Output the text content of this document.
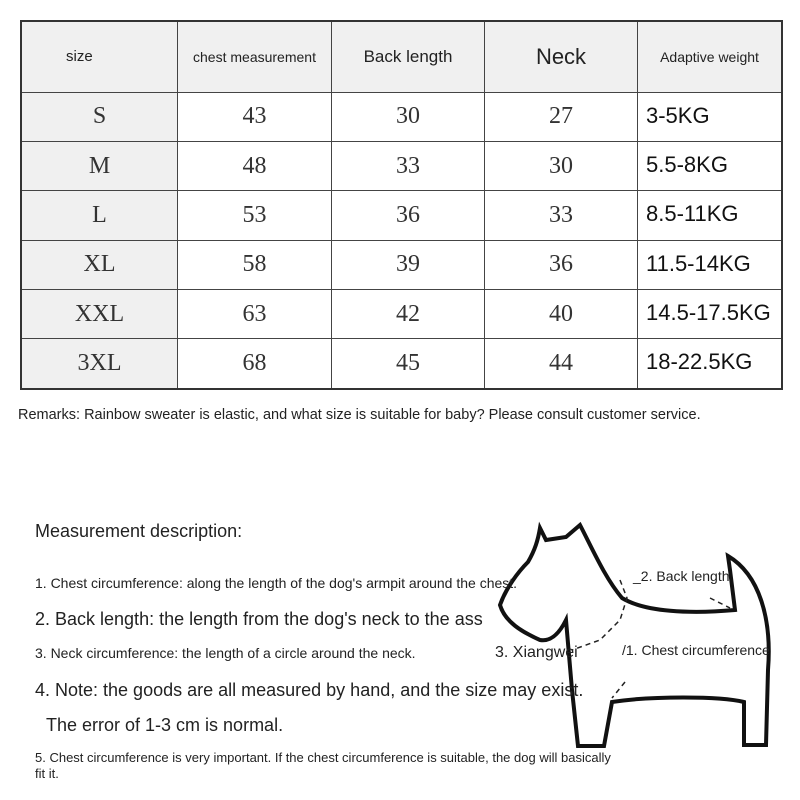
size	chest measurement	Back length	Neck	Adaptive weight
S	43	30	27	3-5KG
M	48	33	30	5.5-8KG
L	53	36	33	8.5-11KG
XL	58	39	36	11.5-14KG
XXL	63	42	40	14.5-17.5KG
3XL	68	45	44	18-22.5KG
Remarks: Rainbow sweater is elastic, and what size is suitable for baby? Please consult customer service.
Measurement description:
1. Chest circumference: along the length of the dog's armpit around the chest.
2. Back length: the length from the dog's neck to the ass
3. Neck circumference: the length of a circle around the neck.
4. Note: the goods are all measured by hand, and the size may exist.
The error of 1-3 cm is normal.
5. Chest circumference is very important. If the chest circumference is suitable, the dog will basically
fit it.
_2. Back length
/1. Chest circumference
3. Xiangwei
